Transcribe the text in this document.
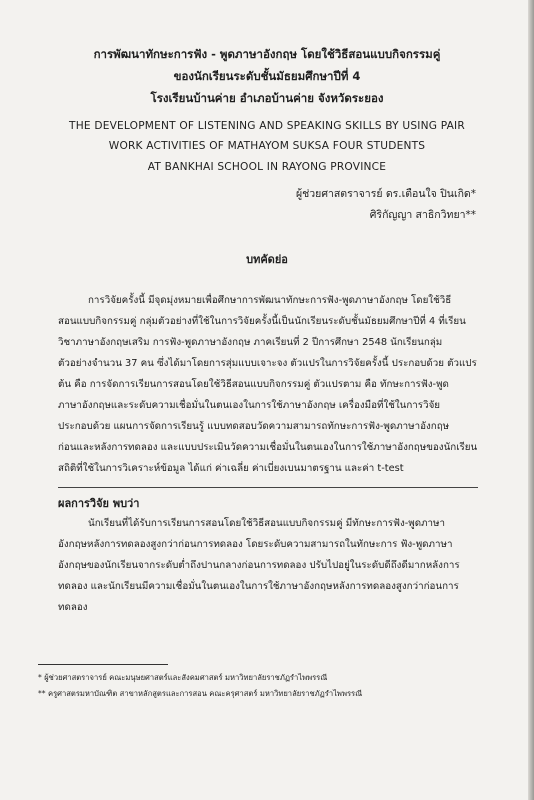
การพัฒนาทักษะการฟัง - พูดภาษาอังกฤษ โดยใช้วิธีสอนแบบกิจกรรมคู่
ของนักเรียนระดับชั้นมัธยมศึกษาปีที่ 4
โรงเรียนบ้านค่าย อำเภอบ้านค่าย จังหวัดระยอง
THE DEVELOPMENT OF LISTENING AND SPEAKING SKILLS BY USING PAIR
WORK ACTIVITIES OF MATHAYOM SUKSA FOUR STUDENTS
AT BANKHAI SCHOOL IN RAYONG PROVINCE
ผู้ช่วยศาสตราจารย์ ดร.เตือนใจ ปินเกิด*
ศิริกัญญา สาธิกวิทยา**
บทคัดย่อ
การวิจัยครั้งนี้ มีจุดมุ่งหมายเพื่อศึกษาการพัฒนาทักษะการฟัง-พูดภาษาอังกฤษ โดยใช้วิธี
สอนแบบกิจกรรมคู่ กลุ่มตัวอย่างที่ใช้ในการวิจัยครั้งนี้เป็นนักเรียนระดับชั้นมัธยมศึกษาปีที่ 4 ที่เรียน
วิชาภาษาอังกฤษเสริม การฟัง-พูดภาษาอังกฤษ ภาคเรียนที่ 2 ปีการศึกษา 2548 นักเรียนกลุ่ม
ตัวอย่างจำนวน 37 คน ซึ่งได้มาโดยการสุ่มแบบเจาะจง ตัวแปรในการวิจัยครั้งนี้ ประกอบด้วย ตัวแปร
ต้น คือ การจัดการเรียนการสอนโดยใช้วิธีสอนแบบกิจกรรมคู่ ตัวแปรตาม คือ ทักษะการฟัง-พูด
ภาษาอังกฤษและระดับความเชื่อมั่นในตนเองในการใช้ภาษาอังกฤษ เครื่องมือที่ใช้ในการวิจัย
ประกอบด้วย แผนการจัดการเรียนรู้ แบบทดสอบวัดความสามารถทักษะการฟัง-พูดภาษาอังกฤษ
ก่อนและหลังการทดลอง และแบบประเมินวัดความเชื่อมั่นในตนเองในการใช้ภาษาอังกฤษของนักเรียน
สถิติที่ใช้ในการวิเคราะห์ข้อมูล ได้แก่ ค่าเฉลี่ย ค่าเบี่ยงเบนมาตรฐาน และค่า t-test
ผลการวิจัย พบว่า
นักเรียนที่ได้รับการเรียนการสอนโดยใช้วิธีสอนแบบกิจกรรมคู่ มีทักษะการฟัง-พูดภาษา
อังกฤษหลังการทดลองสูงกว่าก่อนการทดลอง โดยระดับความสามารถในทักษะการ ฟัง-พูดภาษา
อังกฤษของนักเรียนจากระดับต่ำถึงปานกลางก่อนการทดลอง ปรับไปอยู่ในระดับดีถึงดีมากหลังการ
ทดลอง และนักเรียนมีความเชื่อมั่นในตนเองในการใช้ภาษาอังกฤษหลังการทดลองสูงกว่าก่อนการ
ทดลอง
* ผู้ช่วยศาสตราจารย์ คณะมนุษยศาสตร์และสังคมศาสตร์ มหาวิทยาลัยราชภัฏรำไพพรรณี
** ครูศาสตรมหาบัณฑิต สาขาหลักสูตรและการสอน คณะครุศาสตร์ มหาวิทยาลัยราชภัฏรำไพพรรณี
